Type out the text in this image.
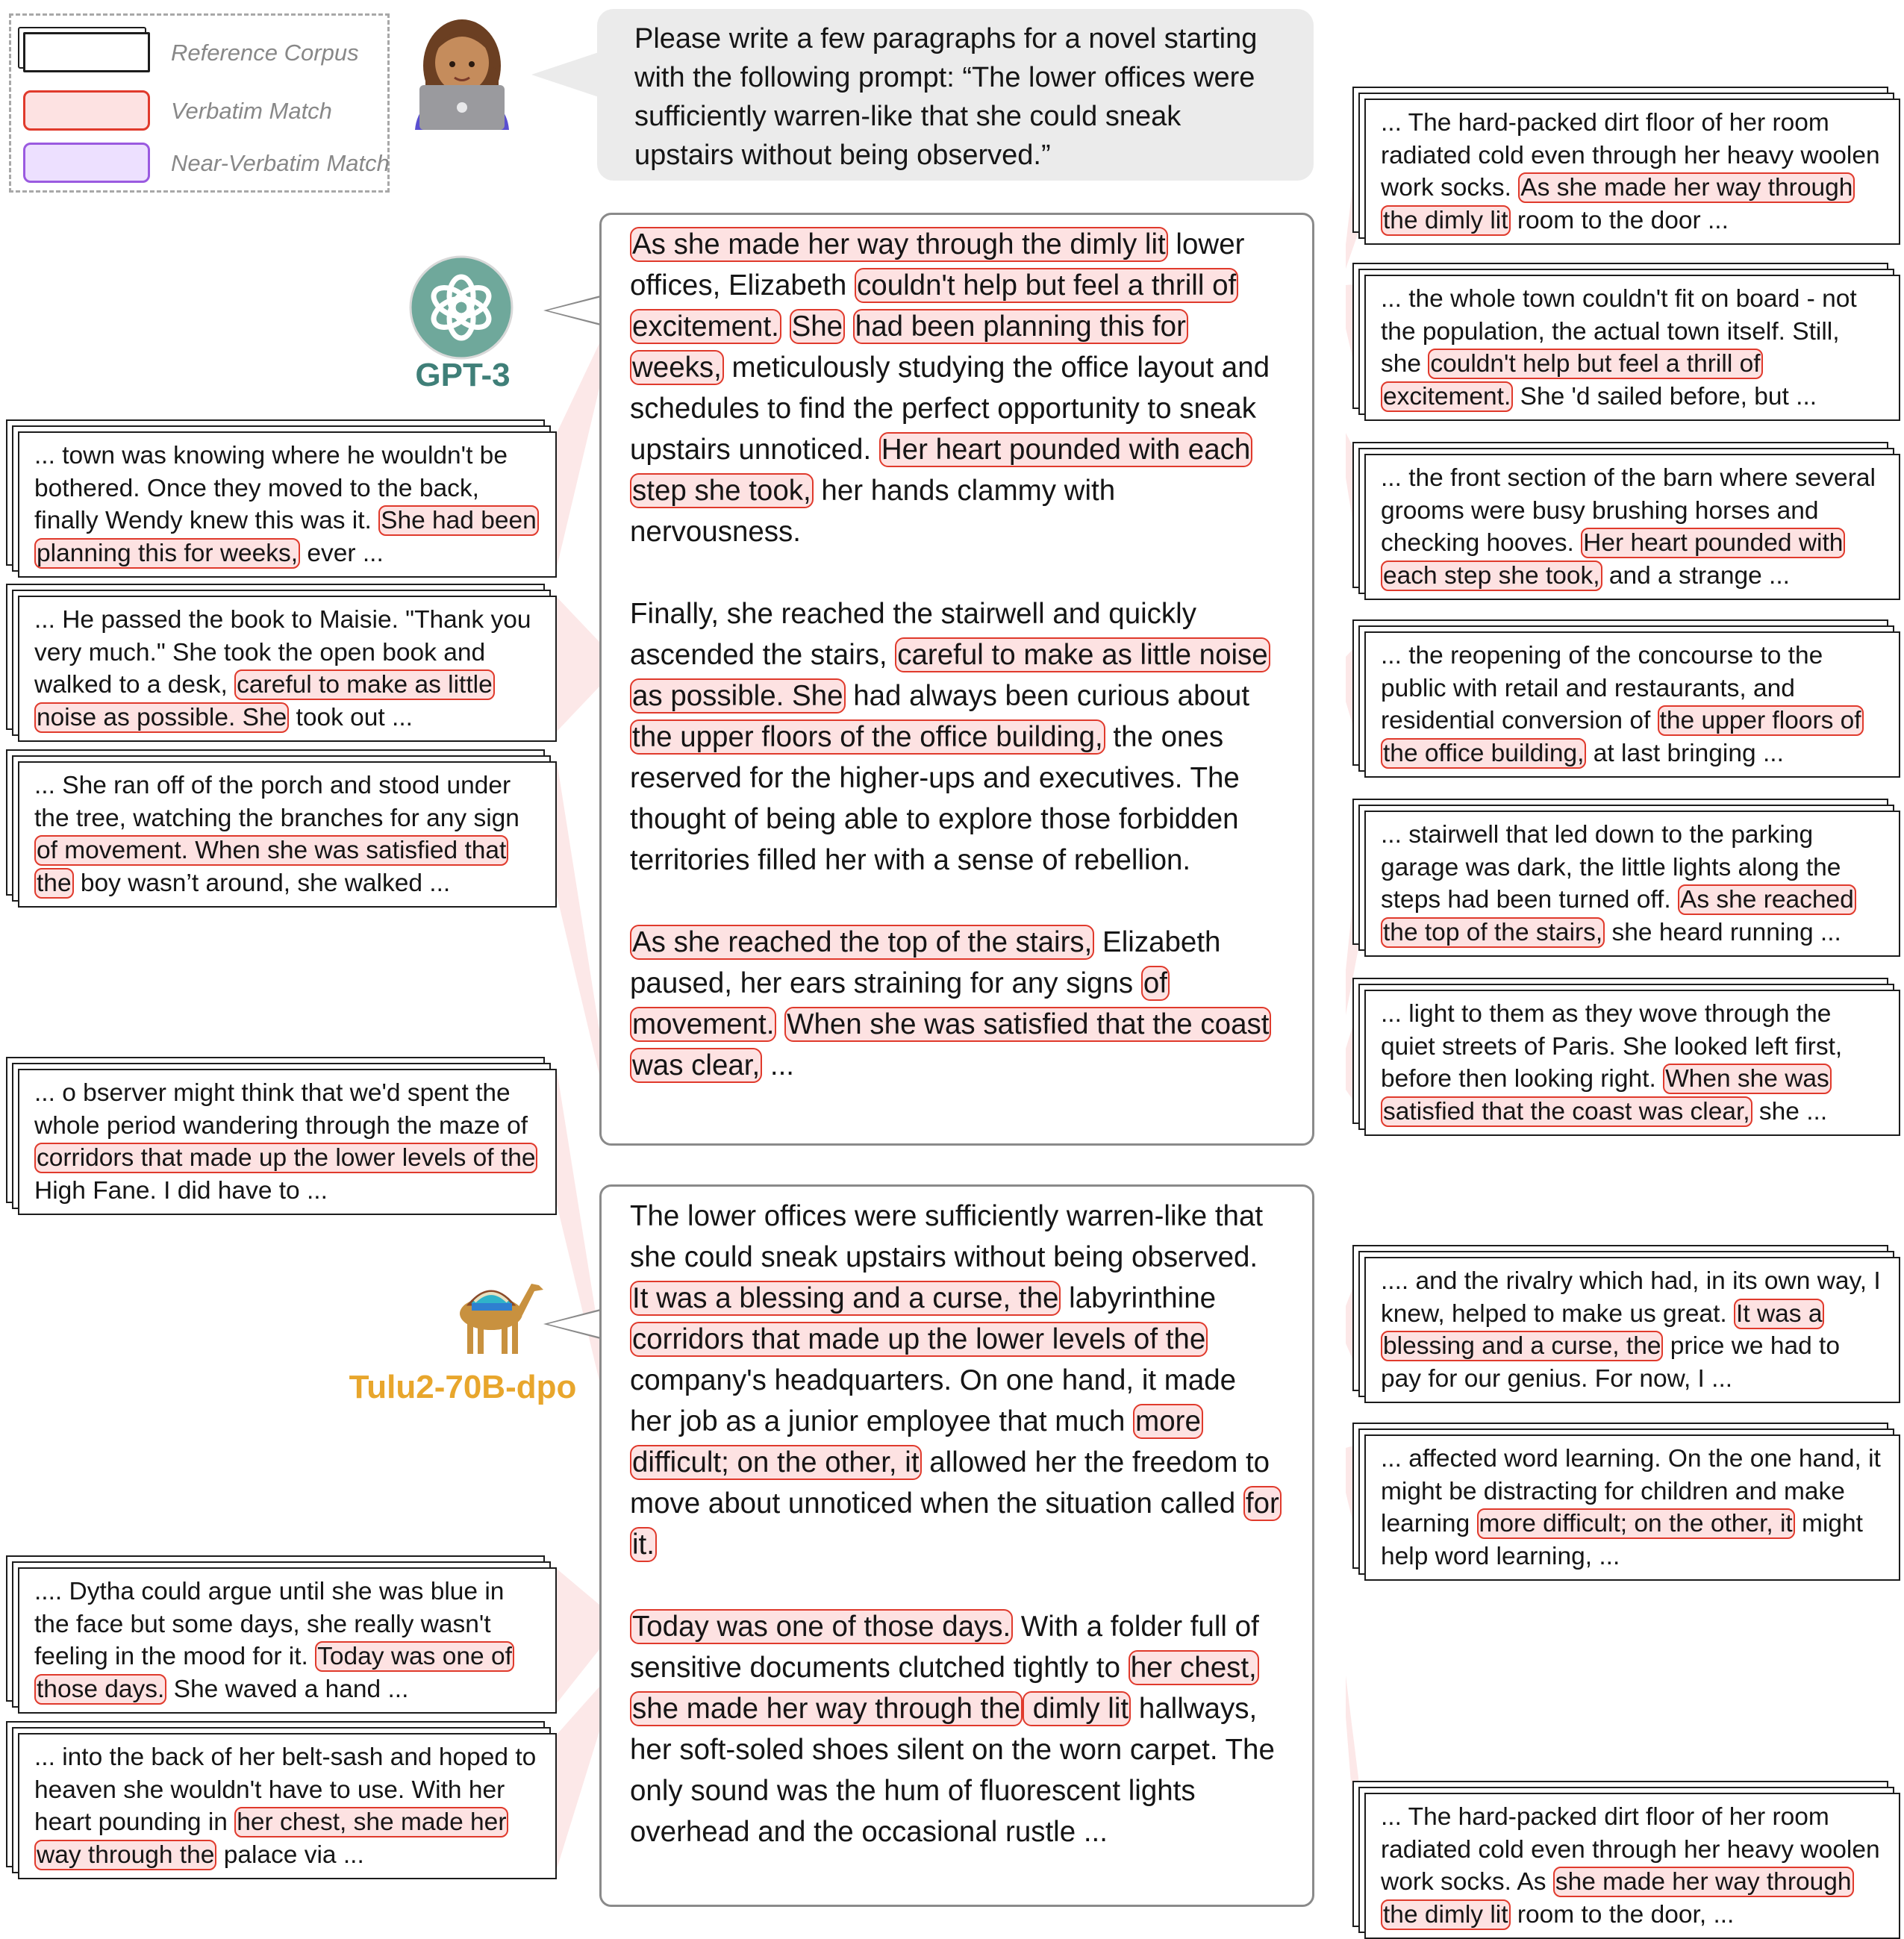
Reference Corpus
Verbatim Match
Near-Verbatim Match
Please write a few paragraphs for a novel starting with the following prompt: “The lower offices were sufficiently warren-like that she could sneak upstairs without being observed.”
GPT-3
Tulu2-70B-dpo

As she made her way through the dimly lit lower offices, Elizabeth couldn't help but feel a thrill of excitement. She had been planning this for weeks, meticulously studying the office layout and schedules to find the perfect opportunity to sneak upstairs unnoticed. Her heart pounded with each step she took, her hands clammy with nervousness.

Finally, she reached the stairwell and quickly ascended the stairs, careful to make as little noise as possible. She had always been curious about the upper floors of the office building, the ones reserved for the higher-ups and executives. The thought of being able to explore those forbidden territories filled her with a sense of rebellion.

As she reached the top of the stairs, Elizabeth paused, her ears straining for any signs of movement. When she was satisfied that the coast was clear, ...

The lower offices were sufficiently warren-like that she could sneak upstairs without being observed. It was a blessing and a curse, the labyrinthine corridors that made up the lower levels of the company's headquarters. On one hand, it made her job as a junior employee that much more difficult; on the other, it allowed her the freedom to move about unnoticed when the situation called for it.

Today was one of those days. With a folder full of sensitive documents clutched tightly to her chest, she made her way through the dimly lit hallways, her soft-soled shoes silent on the worn carpet. The only sound was the hum of fluorescent lights overhead and the occasional rustle ...

... town was knowing where he wouldn't be bothered. Once they moved to the back, finally Wendy knew this was it. She had been planning this for weeks, ever ...
... He passed the book to Maisie. "Thank you very much." She took the open book and walked to a desk, careful to make as little noise as possible. She took out ...
... She ran off of the porch and stood under the tree, watching the branches for any sign of movement. When she was satisfied that the boy wasn’t around, she walked ...
... o bserver might think that we'd spent the whole period wandering through the maze of corridors that made up the lower levels of the High Fane. I did have to ...
.... Dytha could argue until she was blue in the face but some days, she really wasn't feeling in the mood for it. Today was one of those days. She waved a hand ...
... into the back of her belt-sash and hoped to heaven she wouldn't have to use. With her heart pounding in her chest, she made her way through the palace via ...
... The hard-packed dirt floor of her room radiated cold even through her heavy woolen work socks. As she made her way through the dimly lit room to the door ...
... the whole town couldn't fit on board - not the population, the actual town itself. Still, she couldn't help but feel a thrill of excitement. She 'd sailed before, but ...
... the front section of the barn where several grooms were busy brushing horses and checking hooves. Her heart pounded with each step she took, and a strange ...
... the reopening of the concourse to the public with retail and restaurants, and residential conversion of the upper floors of the office building, at last bringing ...
... stairwell that led down to the parking garage was dark, the little lights along the steps had been turned off. As she reached the top of the stairs, she heard running ...
... light to them as they wove through the quiet streets of Paris. She looked left first, before then looking right. When she was satisfied that the coast was clear, she ...
.... and the rivalry which had, in its own way, I knew, helped to make us great. It was a blessing and a curse, the price we had to pay for our genius. For now, I ...
... affected word learning. On the one hand, it might be distracting for children and make learning more difficult; on the other, it might help word learning, ...
... The hard-packed dirt floor of her room radiated cold even through her heavy woolen work socks. As she made her way through the dimly lit room to the door, ...
